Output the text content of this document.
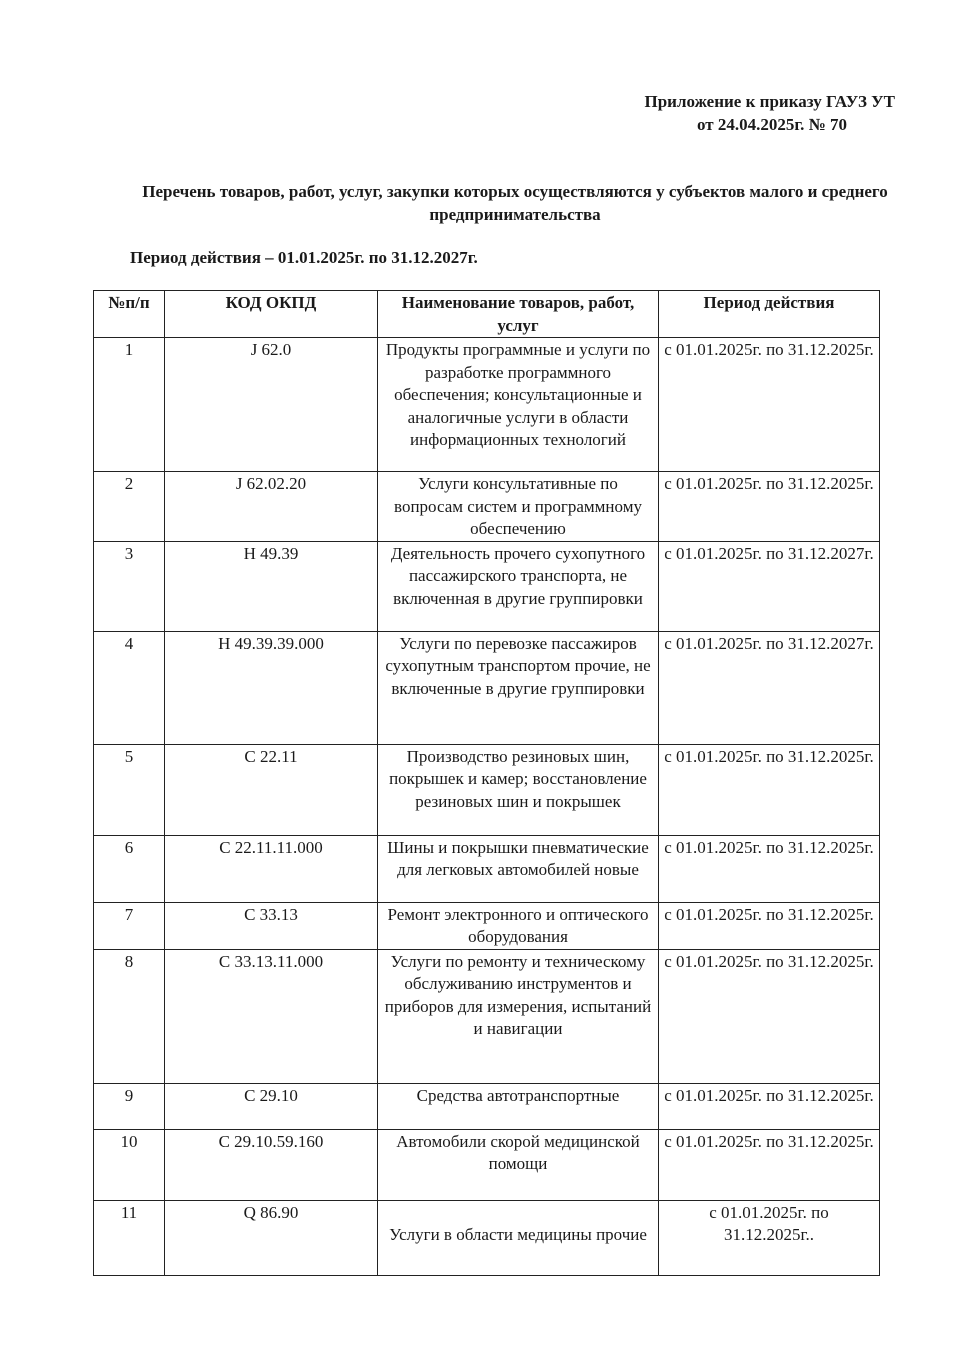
Приложение к приказу ГАУЗ УТ
от 24.04.2025г. № 70
Перечень товаров, работ, услуг, закупки которых осуществляются у субъектов малого и среднего предпринимательства
Период действия – 01.01.2025г. по 31.12.2027г.
№п/п	КОД ОКПД	Наименование товаров, работ, услуг	Период действия
1	J 62.0	Продукты программные и услуги по разработке программного обеспечения; консультационные и аналогичные услуги в области информационных технологий	с 01.01.2025г. по 31.12.2025г.
2	J 62.02.20	Услуги консультативные по вопросам систем и программному обеспечению	с 01.01.2025г. по 31.12.2025г.
3	H 49.39	Деятельность прочего сухопутного пассажирского транспорта, не включенная в другие группировки	с 01.01.2025г. по 31.12.2027г.
4	H 49.39.39.000	Услуги по перевозке пассажиров сухопутным транспортом прочие, не включенные в другие группировки	с 01.01.2025г. по 31.12.2027г.
5	C 22.11	Производство резиновых шин, покрышек и камер; восстановление резиновых шин и покрышек	с 01.01.2025г. по 31.12.2025г.
6	C 22.11.11.000	Шины и покрышки пневматические для легковых автомобилей новые	с 01.01.2025г. по 31.12.2025г.
7	C 33.13	Ремонт электронного и оптического оборудования	с 01.01.2025г. по 31.12.2025г.
8	C 33.13.11.000	Услуги по ремонту и техническому обслуживанию инструментов и приборов для измерения, испытаний и навигации	с 01.01.2025г. по 31.12.2025г.
9	C 29.10	Средства автотранспортные	с 01.01.2025г. по 31.12.2025г.
10	C 29.10.59.160	Автомобили скорой медицинской помощи	с 01.01.2025г. по 31.12.2025г.
11	Q 86.90	Услуги в области медицины прочие	с 01.01.2025г. по 31.12.2025г..
